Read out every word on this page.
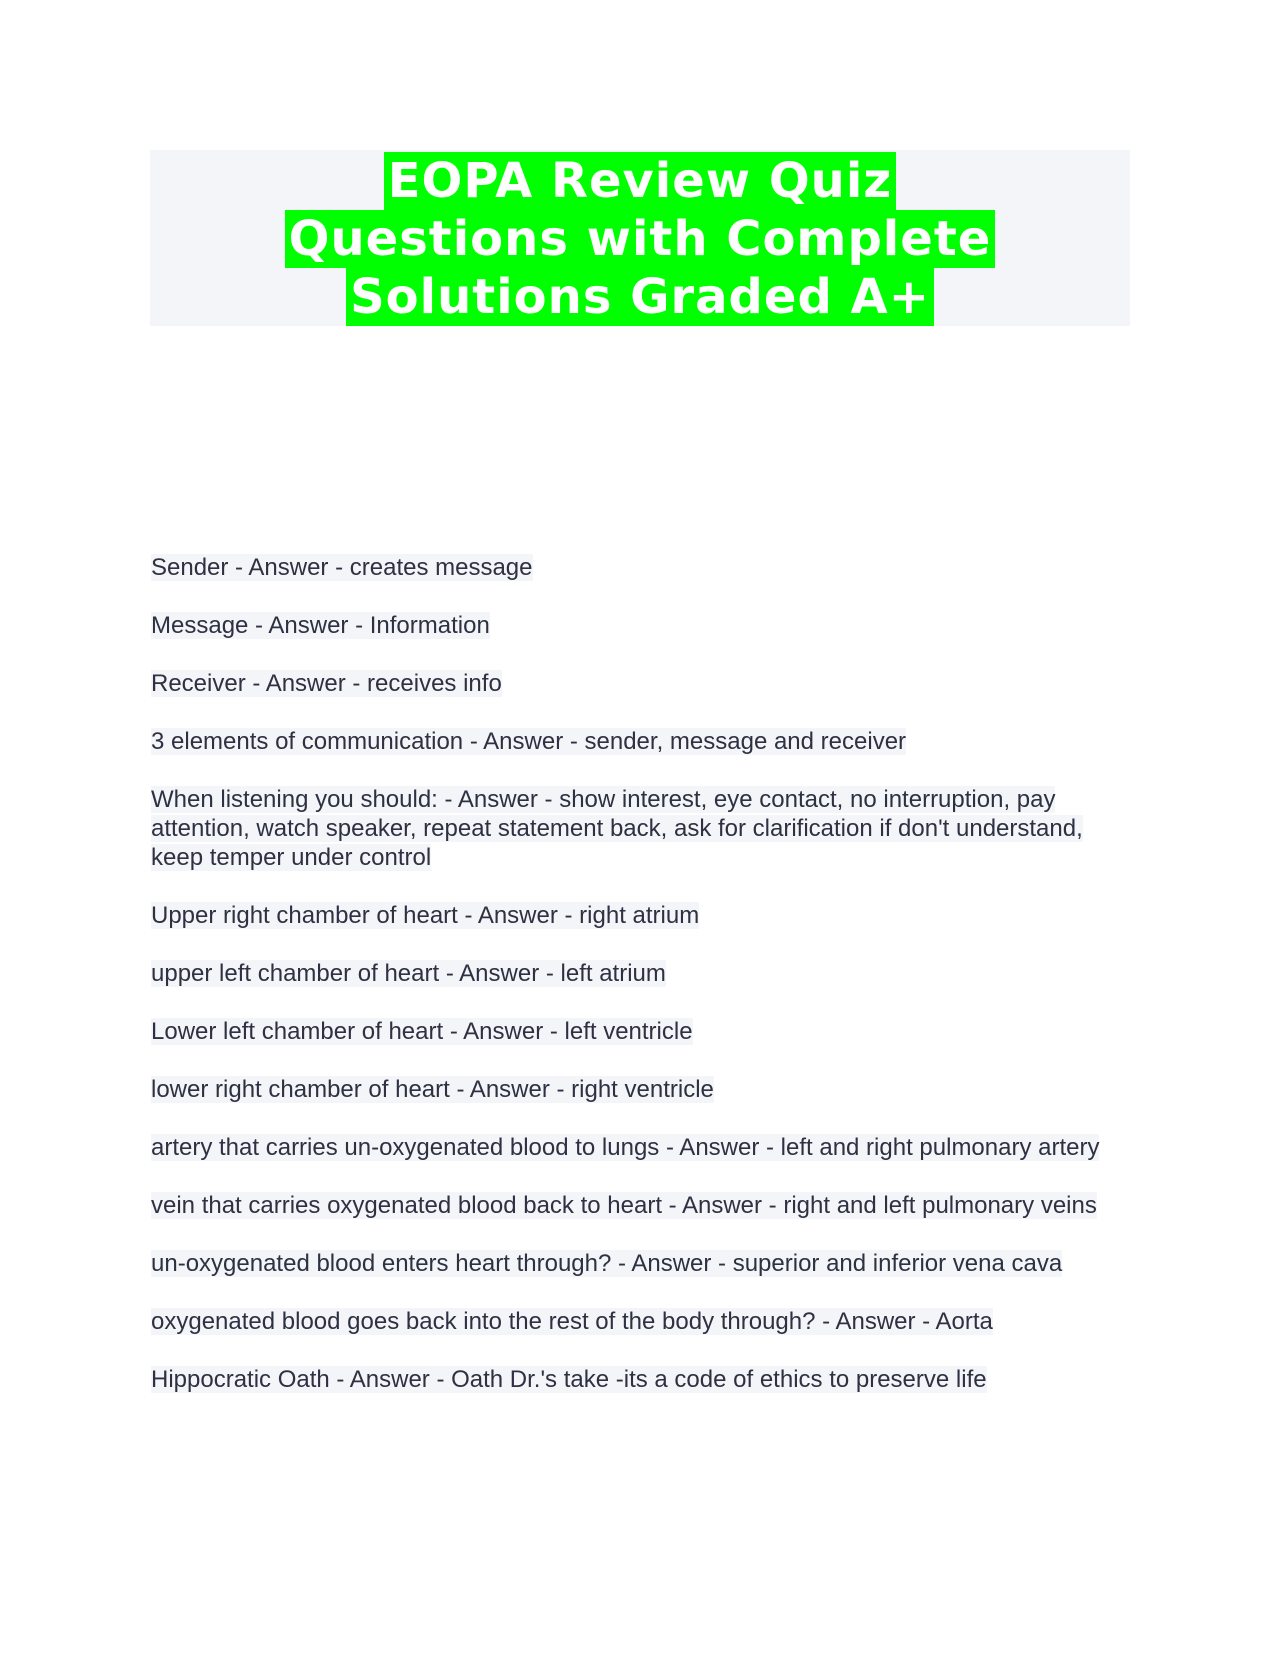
EOPA Review Quiz
Questions with Complete
Solutions Graded A+

Sender - Answer - creates message

Message - Answer - Information

Receiver - Answer - receives info

3 elements of communication - Answer - sender, message and receiver

When listening you should: - Answer - show interest, eye contact, no interruption, pay attention, watch speaker, repeat statement back, ask for clarification if don't understand, keep temper under control

Upper right chamber of heart - Answer - right atrium

upper left chamber of heart - Answer - left atrium

Lower left chamber of heart - Answer - left ventricle

lower right chamber of heart - Answer - right ventricle

artery that carries un-oxygenated blood to lungs - Answer - left and right pulmonary artery

vein that carries oxygenated blood back to heart - Answer - right and left pulmonary veins

un-oxygenated blood enters heart through? - Answer - superior and inferior vena cava

oxygenated blood goes back into the rest of the body through? - Answer - Aorta

Hippocratic Oath - Answer - Oath Dr.'s take -its a code of ethics to preserve life
